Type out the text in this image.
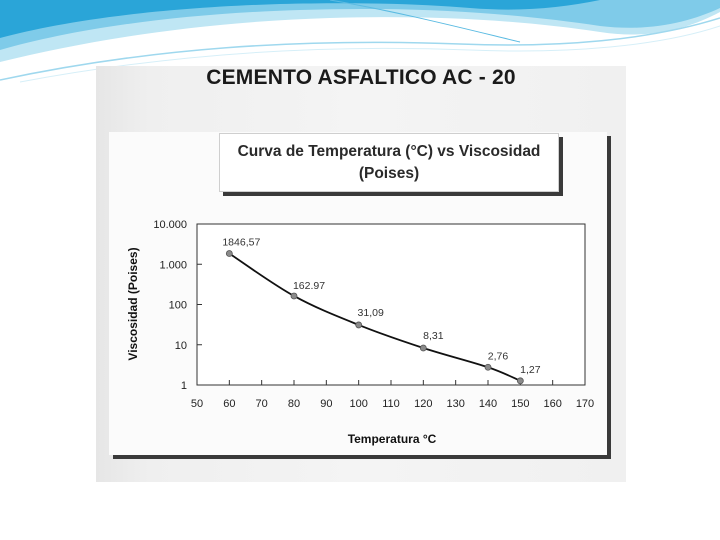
CEMENTO ASFALTICO AC - 20
Curva de Temperatura (°C) vs Viscosidad
(Poises)
1
10
100
1.000
10.000
50 60 70 80 90 100 110 120 130 140 150 160 170
1846,57
162.97
31,09
8,31
2,76
1,27
Viscosidad (Poises)
Temperatura °C
